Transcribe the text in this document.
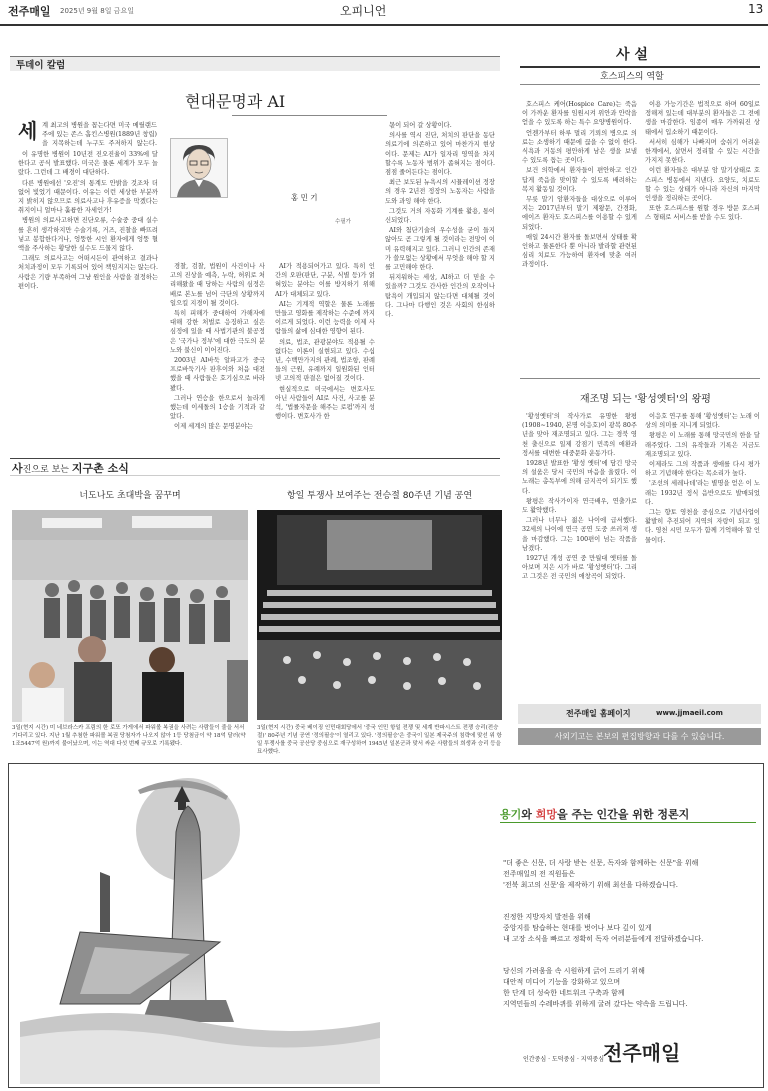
전주매일 2025년 9월 8일 금요일	오피니언	13
투데이 칼럼
현대문명과 AI
홍 민 기
수필가
세 계 최고의 병원을 꼽는다면 미국 메릴랜드주에 있는 존스 홉킨스병원(1889년 창립)을 지목하는데 누구도 주저하지 않는다.

이 유명한 병원이 10년전 진오진율이 33%에 달한다고 공식 발표했다. 미국은 물론 세계가 모두 놀랐다. 그런데 그 배경이 대단하다.

다른 병원에선 '오진'의 통계도 안밝을 것조차 더 없어 빛었기 때문이다. 이유는 이런 세상한 부분까지 밝히지 않으므로 의료사고나 후유증을 막겠다는 취지이니 얼마나 훌륭한 자세인가!

병원의 의료사고하면 진단오류, 수술중 중대 실수를 흔히 생각하지만 수술기록, 거즈, 진찰을 빠뜨려 넣고 봉합한다거나, 엉뚱한 시인 환자에게 엉뚱 혈액을 주사하는 황당한 실수도 드물지 않다.

그래도 의료사고는 어떠시든이 관여하고 결과나 처치과정이 모두 기록되어 있어 책임지지는 않는다. 사람은 기량 부족하여 그냥 원인을 사람을 결정하는 편이다.

경찰, 검찰, 법원이 사건이나 사고의 진상을 예측, 누락, 허위로 처리해왔을 때 당하는 사람의 심정은 배로 본노를 넘어 극단의 상황까지 일으킬 지경이 될 것이다.

특히 피해가 중대하여 가해자에 대해 강한 처벌로 응징하고 싶은 심정에 있을 때 사법기관의 불공정은 '국가나 정부'에 대한 극도의 분노와 불신이 이어진다.

2003년 AI바둑 알파고가 중국 프로바둑기사 판후이와 처음 대전했을 때 사람들은 호기심으로 바라봤다.

그러나 연승을 한으로서 놀라게 했는데 이세돌의 1승을 기적과 같았다.

이제 세계의 많은 문명분야는

AI가 적용되어가고 있다. 특히 인간의 오판(판단, 구분, 식별 등)가 얽혀있는 분야는 이를 방지하기 위해 AI가 대체되고 있다.

AI는 기계적 역할은 물론 노래를 만들고 영화를 제작하는 수준에 까지 이르게 되었다. 이런 능력을 이제 사람들의 삶에 심대한 영향이 된다.

의료, 법조, 관광분야도 적용될 수 없다는 이론이 실현되고 있다. 수십년, 수백만가지의 관례, 법조항, 판례들의 근원, 유례까지 일원화된 인터넷 고의적 판결은 없어질 것이다.

현실적으로 미국에서는 변호사도 아닌 사람들이 AI로 사건, 사고를 분석, '법률자문을 해주는 로펌'까지 성행이다. 변호사가 한

몫이 되어 갈 상황이다.

의사를 역시 진단, 처치의 판단을 동단의료기에 의존하고 있어 마찬가지 현상이다. 문제는 AI가 일자리 영역을 차지할수록 노동자 범위가 좁혀지는 점이다. 점점 줄어든다는 점이다.

최근 보도된 뉴욕시의 시뮬레이션 정장의 경우 2년전 정장의 노동자는 사람을 도와 과잉 해야 한다.

그것도 거의 자동화 기계를 활용, 통이 신되었다.

AI와 첨단기술의 우수성을 굳이 들지 않아도 곧 그렇게 될 것이라는 전망이 이미 유력해지고 있다. 그러니 인간의 존재가 쓸모없는 상황에서 무엇을 해야 할 지를 고민해야 한다.

뒤지워하는 세상, AI하고 더 믿을 수 있을까? 그것도 간사한 인간의 오작이나 탐욕이 개입되지 않는다면 대체될 것이다. 그나마 다행인 것은 사회의 한심하다.

사진으로 보는 지구촌 소식
너도나도 초대박을 꿈꾸며	항일 투쟁사 보여주는 전승절 80주년 기념 공연
3일(현지 시간) 미 네브라스카 프림의 한 로또 가게에서 파워볼 복권을 사려는 사람들이 줄을 서서 기다리고 있다. 지난 1월 추첨한 파워볼 복권 당첨자가 나오지 않아 1등 당첨금이 약 18억 달러(약 1조5447억 원)까지 불어났으며, 이는 역대 다섯 번째 규모로 기록됐다.
3일(현지 시간) 중국 베이징 인민대회당에서 '중국 인민 항일 전쟁 및 세계 반파시스트 전쟁 승리(전승절)' 80주년 기념 공연 '정의필승'이 열리고 있다. '정의필승'은 중국이 일본 제국주의 침략에 맞선 위 항일 투쟁사를 중국 공산당 중심으로 재구성하여 1945년 일본군과 맞서 싸운 사람들의 희생과 승리 등을 묘사했다.
사 설
호스피스의 역할

호스피스 케어(Hospice Care)는 죽음이 가까운 환자를 임원시켜 위안과 안락을 얻을 수 있도록 하는 특수 요양병원이다.

언젠가부터 하루 멀리 기뢰의 병으로 의료는 소생하기 때문에 끊을 수 없이 한다. 식욕과 거동의 평안하게 남은 생을 보낼 수 있도록 돕는 곳이다.

보건 의학에서 환자들이 편안하고 인간답게 죽음을 맞이할 수 있도록 배려하는 복지 활동일 것이다.

무릇 말기 암환자들을 대상으로 이루어지는 2017년부터 말기 제왕문, 간경화, 에이즈 환자도 호스피스를 이용할 수 있게 되었다.

매일 24시간 환자를 돌보면서 상태를 확인하고 물론한다 뿐 아니라 발라할 관련된 심리 치료도 가능하여 환자에 맞춘 여러 과정이다.

이용 가능기간은 법적으로 하며 60일로 정해져 있는데 대부분의 환자들은 그 전에 생을 마감한다. 임종이 매우 가까워진 상태에서 입소하기 때문이다.

서서히 심해가 나빠지며 숨쉬기 어려운 한계에서, 살면서 정리할 수 있는 시간을 가지지 못한다.

이런 환자들은 대부분 암 말기상태로 호스피스 병동에서 지낸다. 요양도, 치료도 할 수 있는 상태가 아니라 자신의 마지막 인생을 정리하는 곳이다.

또한 호스피스를 원할 경우 방문 호스피스 형태로 서비스를 받을 수도 있다.

재조명 되는 '황성옛터'의 왕평

'황성옛터'의 작사가로 유명한 왕평(1908~1940, 본명 이응호)이 광복 80주년을 맞아 재조명되고 있다. 그는 경북 영천 출신으로 일제 강점기 민족의 애환과 정서를 대변한 대중문화 운동가다.

1928년 발표한 '황성 옛터'에 담긴 망국의 설움은 당시 국민의 마음을 울렸다. 이 노래는 총독부에 의해 금지곡이 되기도 했다.

왕평은 작사가이자 연극배우, 연출가로도 활약했다.

그러나 너무나 젊은 나이에 급서했다. 32세의 나이에 연극 공연 도중 쓰러져 생을 마감했다. 그는 100편이 넘는 작품을 남겼다.

1927년 개성 공연 중 만월대 옛터를 돌아보며 지은 시가 바로 '황성옛터'다. 그리고 그것은 전 국민의 애창곡이 되었다.

이응호 연구를 통해 '황성옛터'는 노래 이상의 의미를 지니게 되었다.

왕평은 이 노래를 통해 망국민의 한을 달래주었다. 그의 유작들과 기록은 지금도 재조명되고 있다.

이제라도 그의 작품과 생애를 다시 평가하고 기념해야 한다는 목소리가 높다.

'조선의 세레나데'라는 별명을 얻은 이 노래는 1932년 정식 음반으로도 발매되었다.

그는 향토 영천을 중심으로 기념사업이 활발히 추진되어 지역의 자랑이 되고 있다. 영천 시민 모두가 함께 기억해야 할 인물이다.

전주매일 홈페이지	www.jjmaeil.com
사외기고는 본보의 편집방향과 다를 수 있습니다.
용기와 희망을 주는 인간을 위한 정론지
"더 좋은 신문, 더 사랑 받는 신문, 독자와 함께하는 신문"을 위해
전주매일의 전 직원들은
'전북 최고의 신문'을 제작하기 위해 최선을 다하겠습니다.
진정한 지방자치 발전을 위해
중앙지를 탐습하는 현대를 벗어나 보다 깊이 있게
내 고장 소식을 빠르고 정확히 독자 여러분들에게 전달하겠습니다.
당신의 가려움을 속 시원하게 긁어 드리기 위해
대안적 미디어 기능을 강화하고 있으며
한 단계 더 성숙한 네트워크 구축과 함께
지역민들의 수레바퀴를 위하게 굴려 갔다는 약속을 드립니다.
인간중심 · 도덕중심 · 지역중심 전주매일
